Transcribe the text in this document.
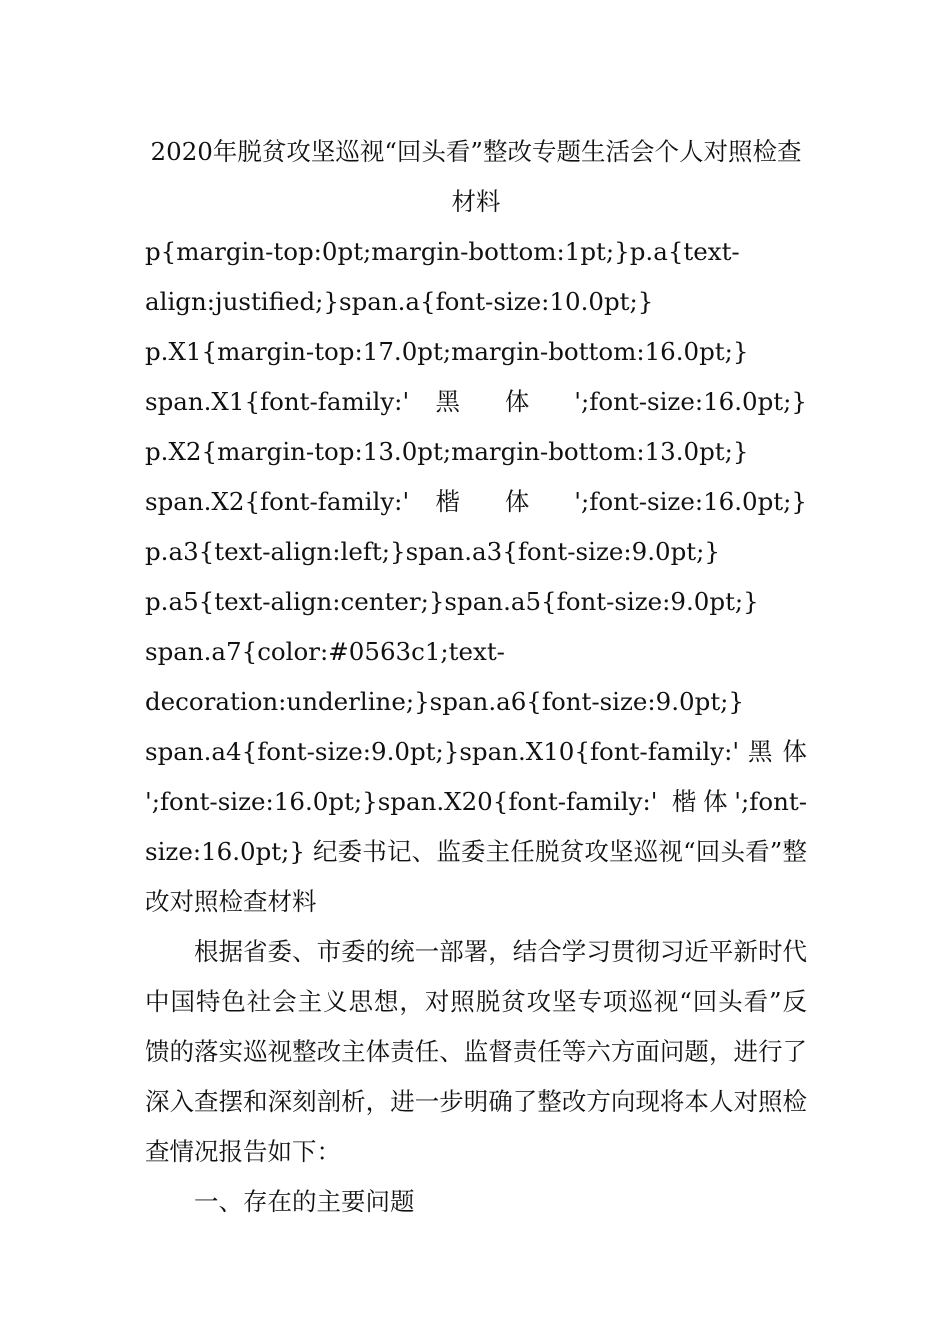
2020年脱贫攻坚巡视“回头看”整改专题生活会个人对照检查材料

p{margin-top:0pt;margin-bottom:1pt;}p.a{text-align:justified;}span.a{font-size:10.0pt;} p.X1{margin-top:17.0pt;margin-bottom:16.0pt;} span.X1{font-family:' 黑 体 ';font-size:16.0pt;} p.X2{margin-top:13.0pt;margin-bottom:13.0pt;} span.X2{font-family:' 楷 体 ';font-size:16.0pt;} p.a3{text-align:left;}span.a3{font-size:9.0pt;} p.a5{text-align:center;}span.a5{font-size:9.0pt;} span.a7{color:#0563c1;text-decoration:underline;}span.a6{font-size:9.0pt;} span.a4{font-size:9.0pt;}span.X10{font-family:' 黑 体 ';font-size:16.0pt;}span.X20{font-family:' 楷体';font-size:16.0pt;} 纪委书记、监委主任脱贫攻坚巡视“回头看”整改对照检查材料

根据省委、市委的统一部署，结合学习贯彻习近平新时代中国特色社会主义思想，对照脱贫攻坚专项巡视“回头看”反馈的落实巡视整改主体责任、监督责任等六方面问题，进行了深入查摆和深刻剖析，进一步明确了整改方向现将本人对照检查情况报告如下：

一、存在的主要问题
